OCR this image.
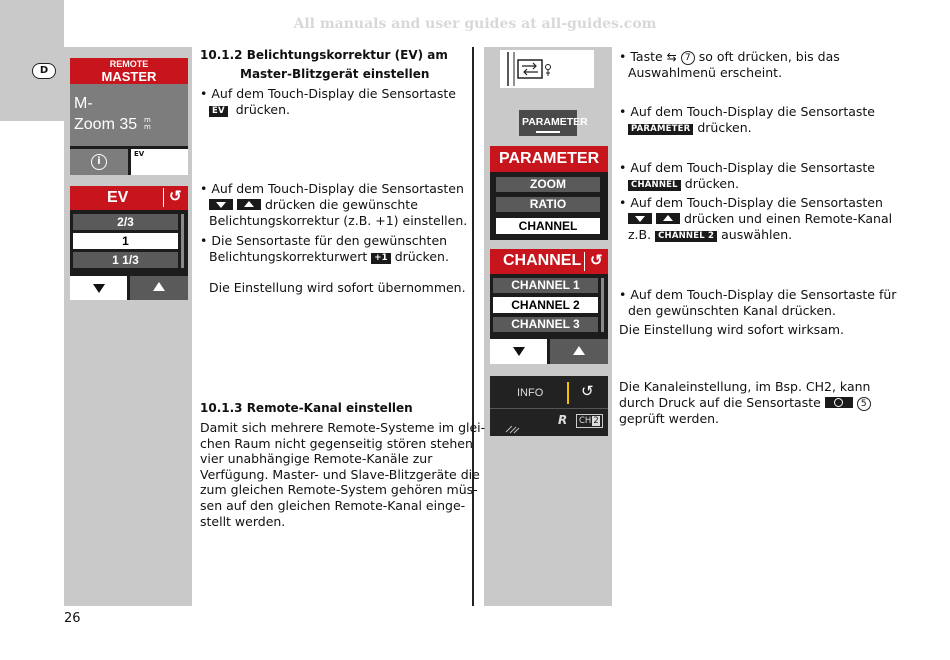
All manuals and user guides at all-guides.com
D
26
REMOTE
MASTER
M-
Zoom 35 m
m
i
EV
EV	↺
2/3
1
1 1/3
10.1.2 Belichtungskorrektur (EV) am
Master-Blitzgerät einstellen
• Auf dem Touch-Display die Sensortaste
EV drücken.
• Auf dem Touch-Display die Sensortasten

drücken die gewünschte
Belichtungskorrektur (z.B. +1) einstellen.
• Die Sensortaste für den gewünschten
Belichtungskorrekturwert +1 drücken.
Die Einstellung wird sofort übernommen.
10.1.3 Remote-Kanal einstellen
Damit sich mehrere Remote-Systeme im glei-
chen Raum nicht gegenseitig stören stehen
vier unabhängige Remote-Kanäle zur
Verfügung. Master- und Slave-Blitzgeräte die
zum gleichen Remote-System gehören müs-
sen auf den gleichen Remote-Kanal einge-
stellt werden.
PARAMETER
PARAMETER
ZOOM
RATIO
CHANNEL
CHANNEL ↺
CHANNEL 1
CHANNEL 2
CHANNEL 3
INFO	↺
R	CH 2
• Taste ⇆ 7 so oft drücken, bis das
Auswahlmenü erscheint.
• Auf dem Touch-Display die Sensortaste
PARAMETER drücken.
• Auf dem Touch-Display die Sensortaste
CHANNEL drücken.
• Auf dem Touch-Display die Sensortasten

drücken und einen Remote-Kanal
z.B. CHANNEL 2 auswählen.
• Auf dem Touch-Display die Sensortaste für
den gewünschten Kanal drücken.
Die Einstellung wird sofort wirksam.
Die Kanaleinstellung, im Bsp. CH2, kann
durch Druck auf die Sensortaste	5
geprüft werden.
